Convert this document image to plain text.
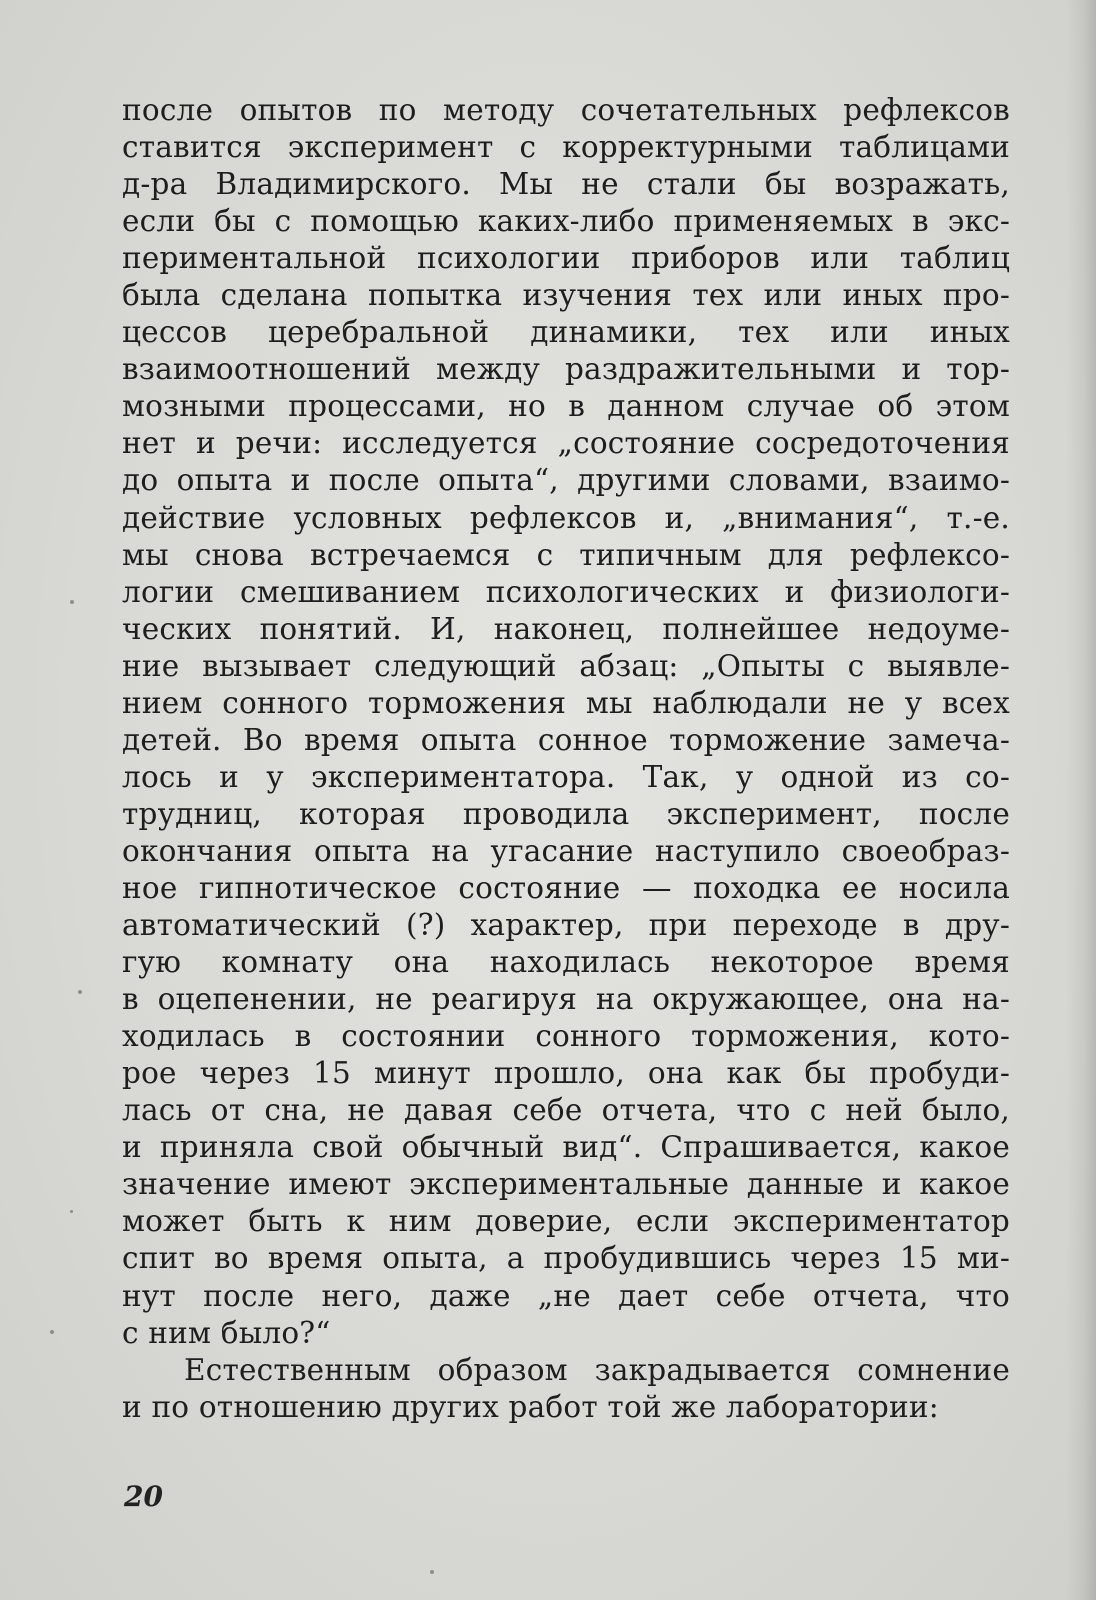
после опытов по методу сочетательных рефлексов
ставится эксперимент с корректурными таблицами
д-ра Владимирского. Мы не стали бы возражать,
если бы с помощью каких-либо применяемых в экс-
периментальной психологии приборов или таблиц
была сделана попытка изучения тех или иных про-
цессов церебральной динамики, тех или иных
взаимоотношений между раздражительными и тор-
мозными процессами, но в данном случае об этом
нет и речи: исследуется „состояние сосредоточения
до опыта и после опыта“, другими словами, взаимо-
действие условных рефлексов и, „внимания“, т.-е.
мы снова встречаемся с типичным для рефлексо-
логии смешиванием психологических и физиологи-
ческих понятий. И, наконец, полнейшее недоуме-
ние вызывает следующий абзац: „Опыты с выявле-
нием сонного торможения мы наблюдали не у всех
детей. Во время опыта сонное торможение замеча-
лось и у экспериментатора. Так, у одной из со-
трудниц, которая проводила эксперимент, после
окончания опыта на угасание наступило своеобраз-
ное гипнотическое состояние — походка ее носила
автоматический (?) характер, при переходе в дру-
гую комнату она находилась некоторое время
в оцепенении, не реагируя на окружающее, она на-
ходилась в состоянии сонного торможения, кото-
рое через 15 минут прошло, она как бы пробуди-
лась от сна, не давая себе отчета, что с ней было,
и приняла свой обычный вид“. Спрашивается, какое
значение имеют экспериментальные данные и какое
может быть к ним доверие, если экспериментатор
спит во время опыта, а пробудившись через 15 ми-
нут после него, даже „не дает себе отчета, что
с ним было?“
Естественным образом закрадывается сомнение
и по отношению других работ той же лаборатории:
20
